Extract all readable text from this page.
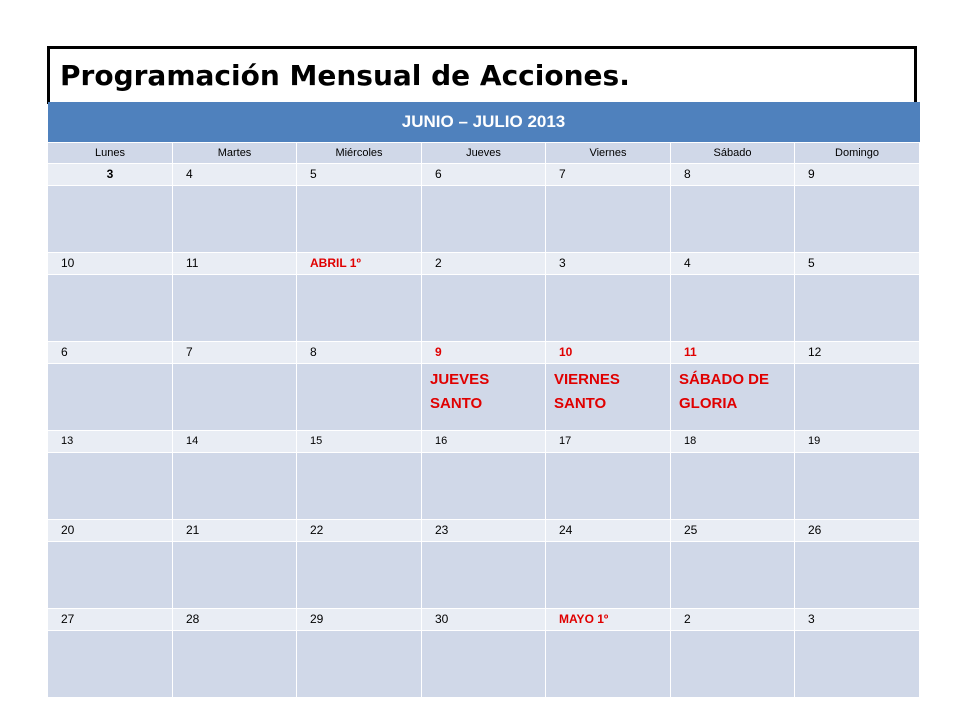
Programación Mensual de Acciones.
JUNIO – JULIO 2013						
Lunes	Martes	Miércoles	Jueves	Viernes	Sábado	Domingo
3	4	5	6	7	8	9

10	11	ABRIL 1º	2	3	4	5

6	7	8	9	10	11	12

			JUEVES SANTO	VIERNES SANTO	SÁBADO DE GLORIA	

13	14	15	16	17	18	19

20	21	22	23	24	25	26

27	28	29	30	MAYO 1º	2	3
